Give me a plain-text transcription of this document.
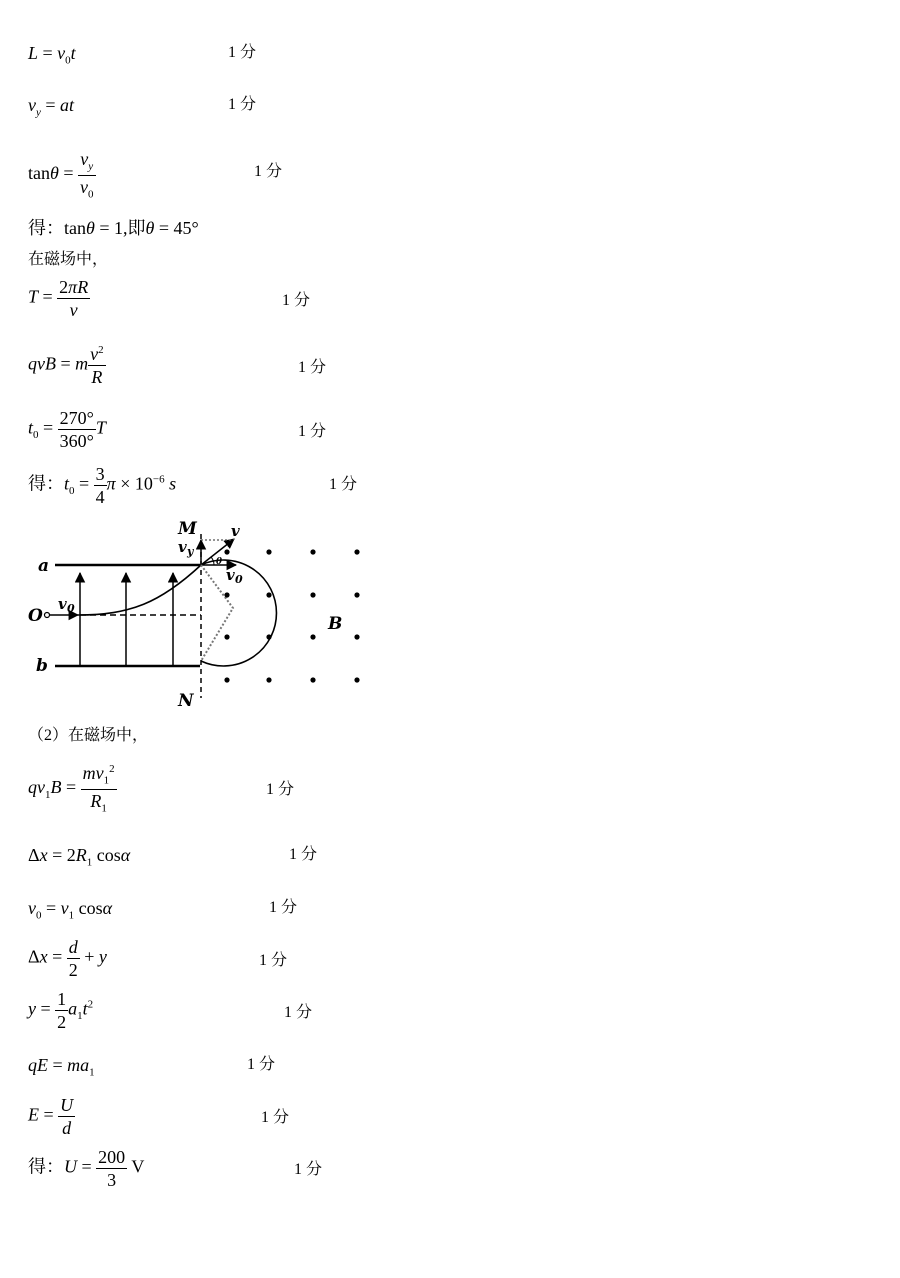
$L = v_0t$	1 分
$v_y$ = at	1 分
$\tan\theta = \frac{v_y}{v_0}$	1 分
得：tanθ = 1,即θ = 45°
在磁场中，
$T = \frac{2\pi R}{v}$	1 分
qvB = m $\frac{v^2}{R}$	1 分
$t_0 = \frac{270^\circ}{360^\circ}$ T	1 分
得：$t_0 = \frac{3}{4}$ $\pi \times 10^{-6}$ s	1 分
M
N
a
b
O	B
v 0
v y
v
v 0
θ
（2）在磁场中，
$qv_1B = \frac{mv_1^2}{R_1}$	1 分
$\Delta x = 2R_1$ cosα	1 分
$v_0 = v_1$ cosα	1 分
$\Delta x = \frac{d}{2} + y$	1 分
$y = \frac{1}{2} a_1t^2$	1 分
qE = $ma_1$	1 分
$E = \frac{U}{d}$	1 分
得：$U = \frac{200}{3}$ V	1 分
